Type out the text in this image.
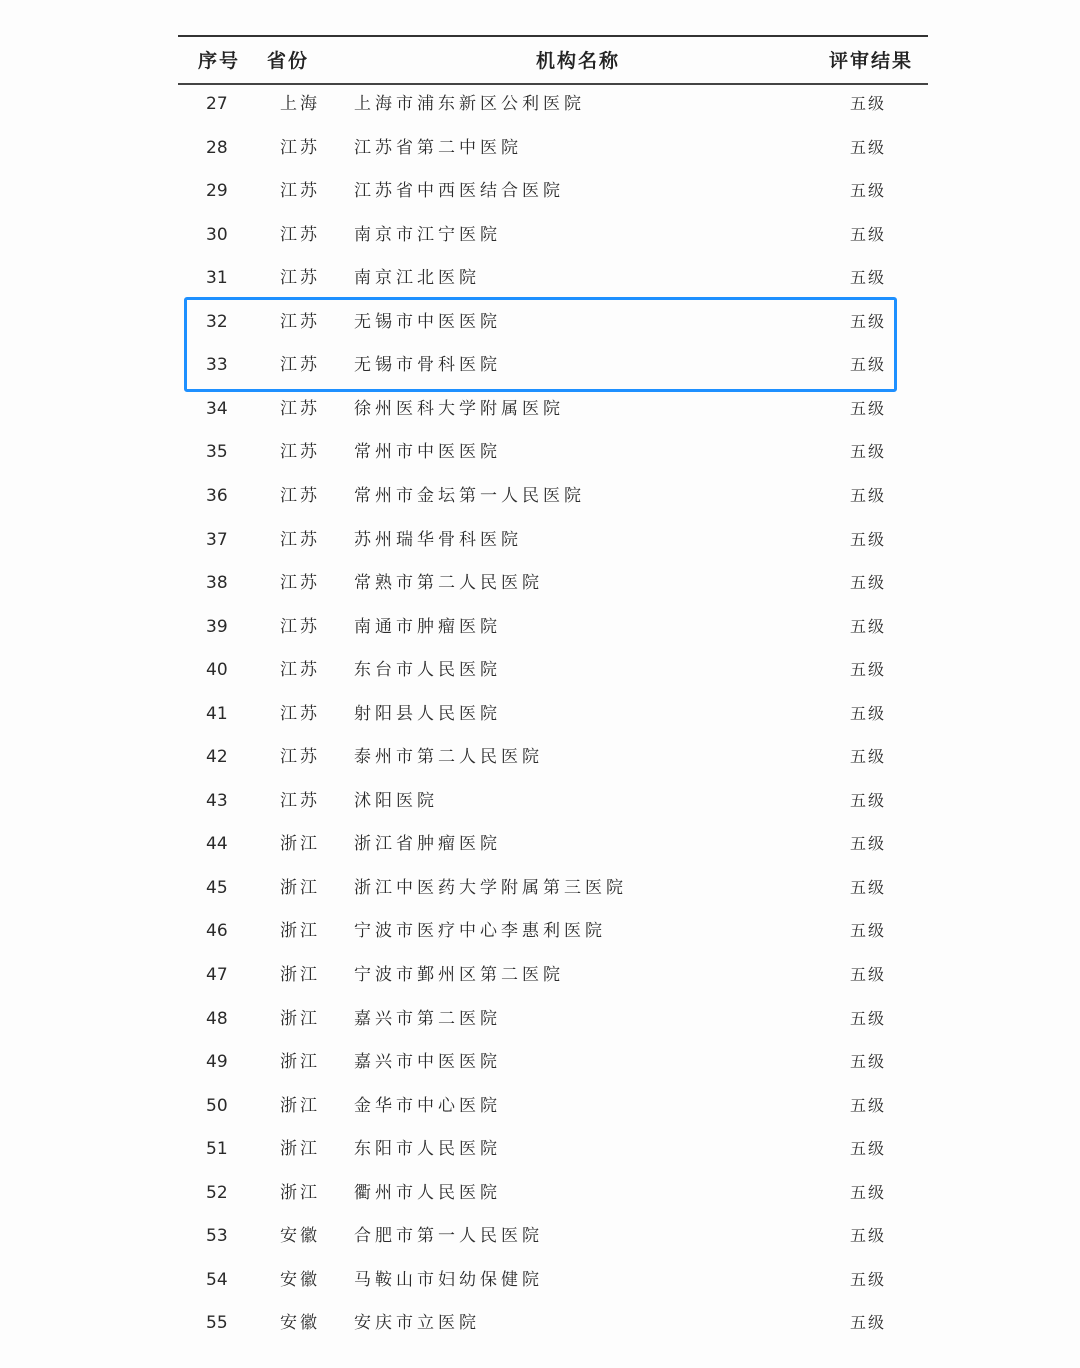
序号 省份	机构名称	评审结果
27	上海 上海市浦东新区公利医院	五级
28	江苏 江苏省第二中医院	五级
29	江苏 江苏省中西医结合医院	五级
30	江苏 南京市江宁医院	五级
31	江苏 南京江北医院	五级
32	江苏 无锡市中医医院	五级
33	江苏 无锡市骨科医院	五级
34	江苏 徐州医科大学附属医院	五级
35	江苏 常州市中医医院	五级
36	江苏 常州市金坛第一人民医院	五级
37	江苏 苏州瑞华骨科医院	五级
38	江苏 常熟市第二人民医院	五级
39	江苏 南通市肿瘤医院	五级
40	江苏 东台市人民医院	五级
41	江苏 射阳县人民医院	五级
42	江苏 泰州市第二人民医院	五级
43	江苏 沭阳医院	五级
44	浙江 浙江省肿瘤医院	五级
45	浙江 浙江中医药大学附属第三医院	五级
46	浙江 宁波市医疗中心李惠利医院	五级
47	浙江 宁波市鄞州区第二医院	五级
48	浙江 嘉兴市第二医院	五级
49	浙江 嘉兴市中医医院	五级
50	浙江 金华市中心医院	五级
51	浙江 东阳市人民医院	五级
52	浙江 衢州市人民医院	五级
53	安徽 合肥市第一人民医院	五级
54	安徽 马鞍山市妇幼保健院	五级
55	安徽 安庆市立医院	五级
